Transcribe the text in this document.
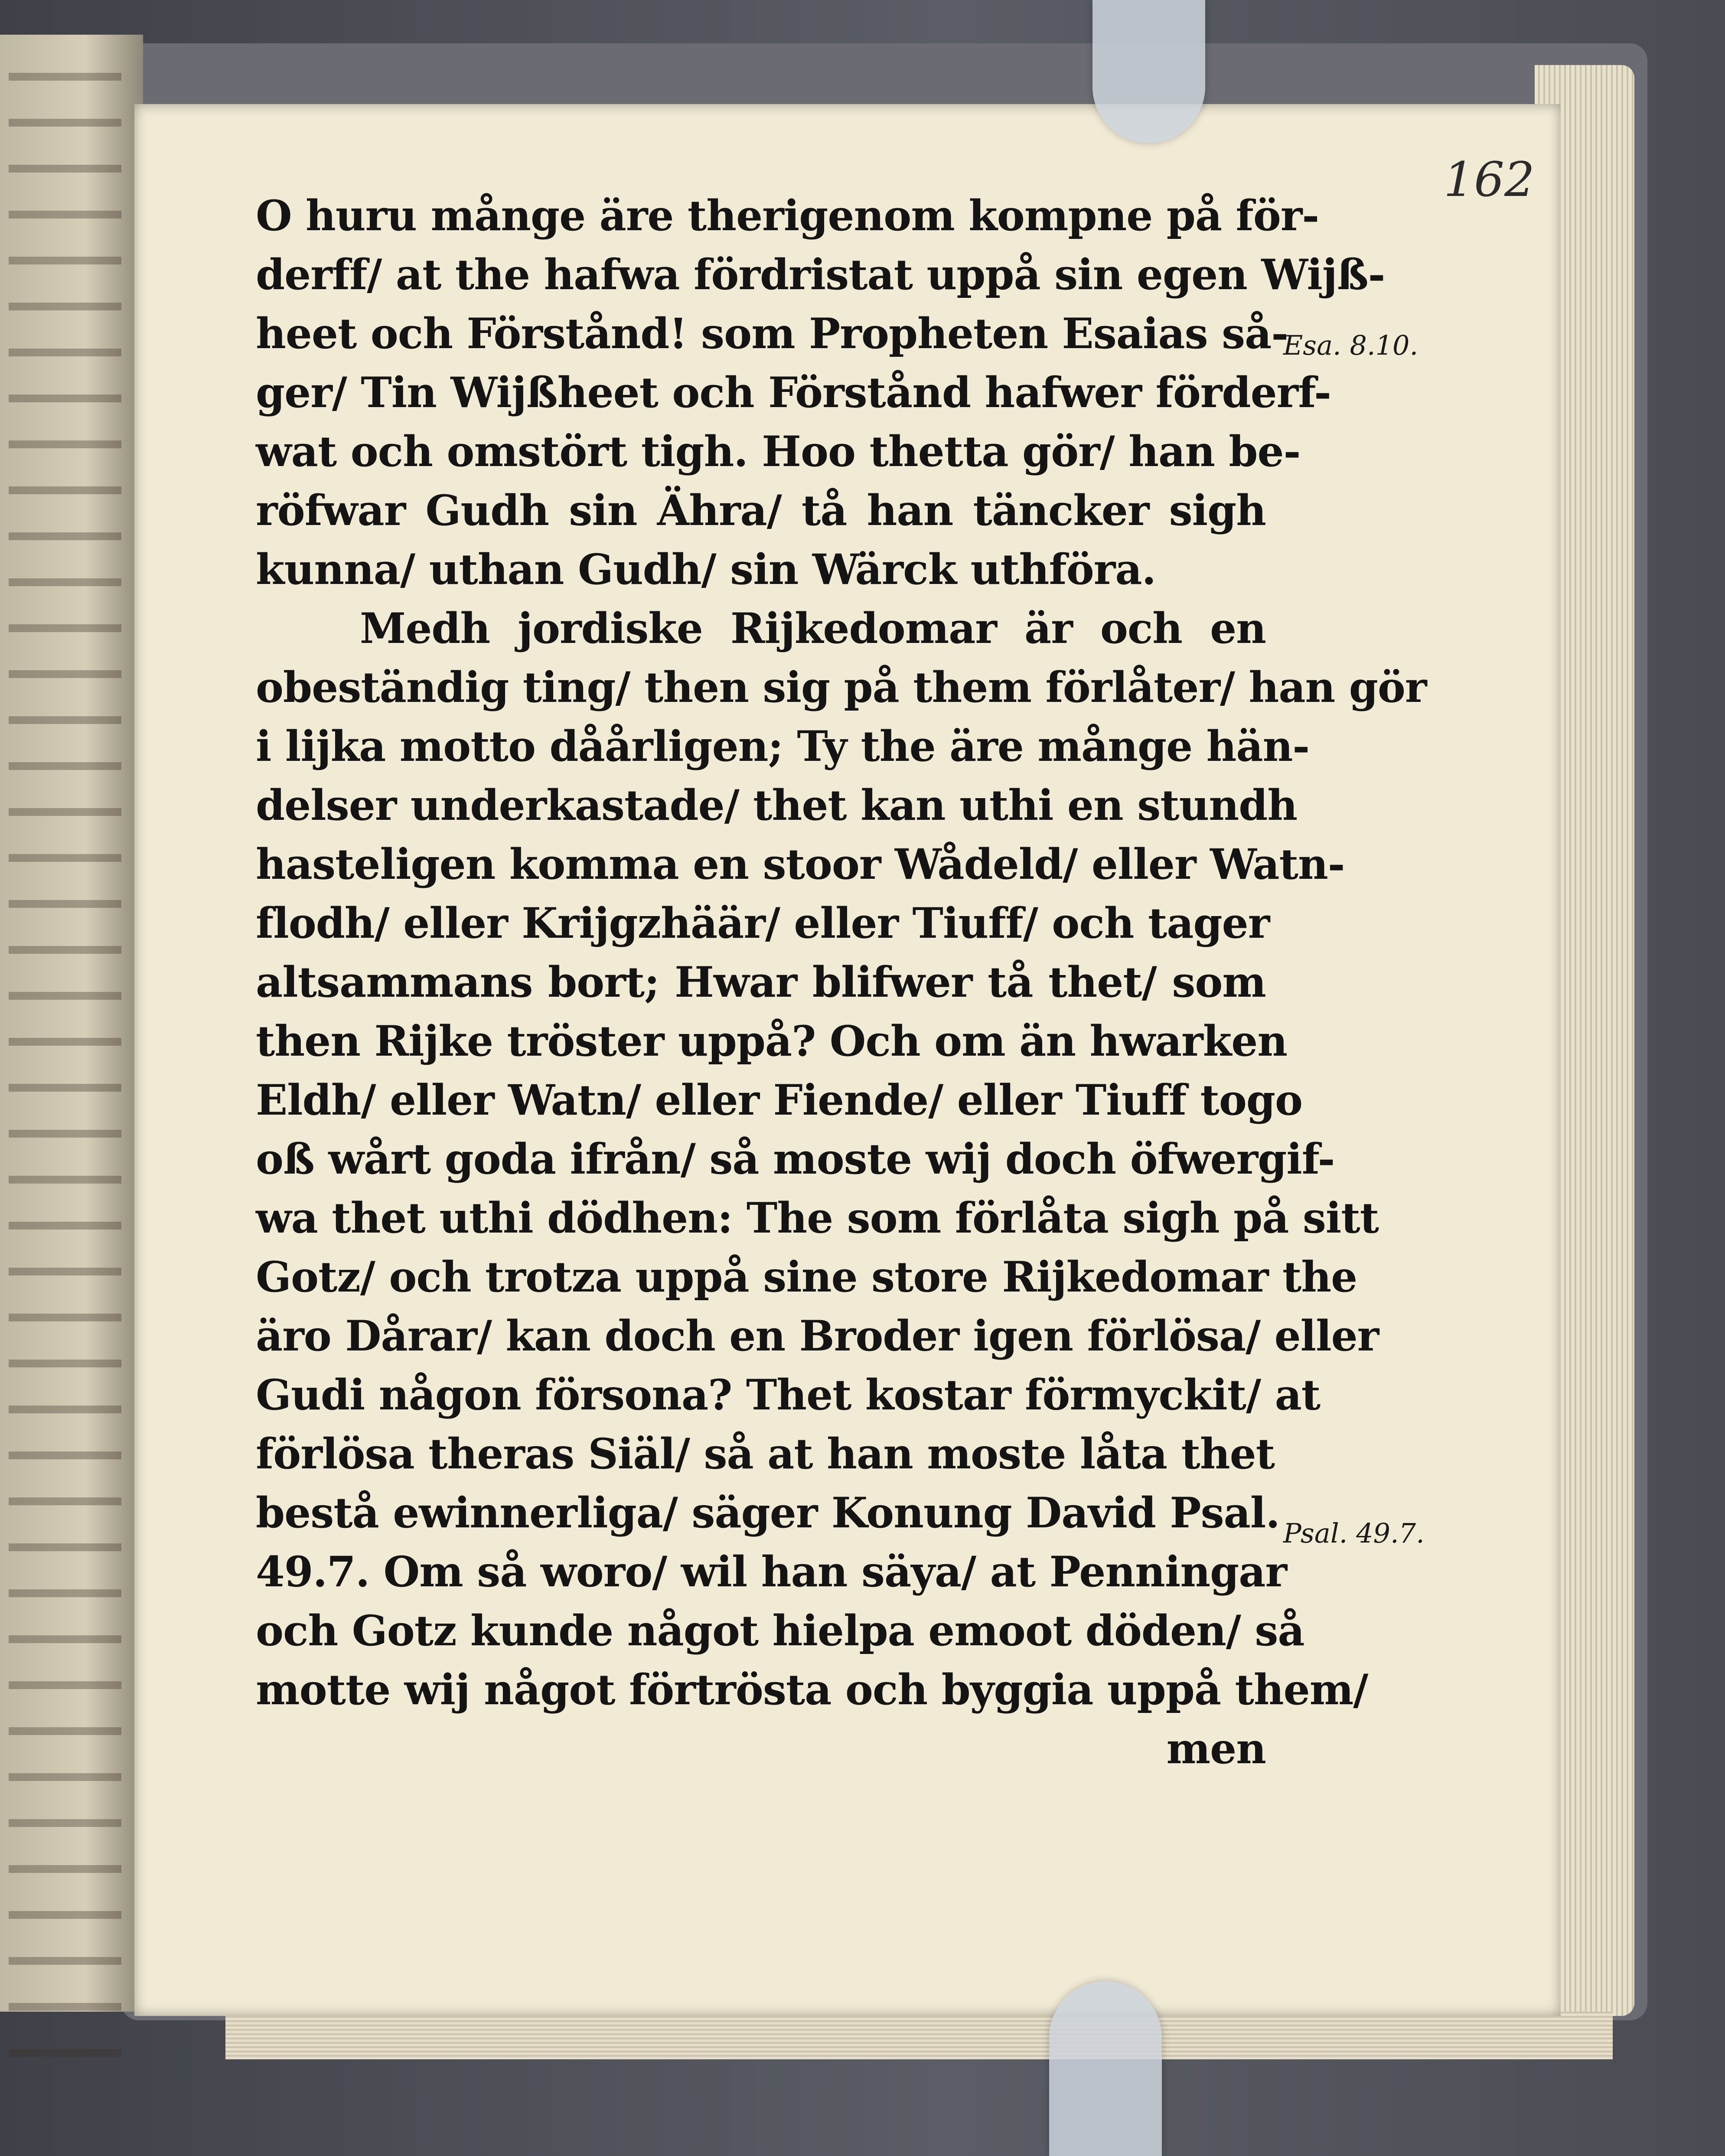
162
O huru månge äre therigenom kompne på för-
derff/ at the hafwa fördristat uppå sin egen Wijß-
heet och Förstånd! som Propheten Esaias så-
ger/ Tin Wijßheet och Förstånd hafwer förderf-
wat och omstört tigh. Hoo thetta gör/ han be-
röfwar Gudh sin Ähra/ tå han täncker sigh
kunna/ uthan Gudh/ sin Wärck uthföra.
Medh jordiske Rijkedomar är och en
obeständig ting/ then sig på them förlåter/ han gör
i lijka motto dåårligen; Ty the äre månge hän-
delser underkastade/ thet kan uthi en stundh
hasteligen komma en stoor Wådeld/ eller Watn-
flodh/ eller Krijgzhäär/ eller Tiuff/ och tager
altsammans bort; Hwar blifwer tå thet/ som
then Rijke tröster uppå? Och om än hwarken
Eldh/ eller Watn/ eller Fiende/ eller Tiuff togo
oß wårt goda ifrån/ så moste wij doch öfwergif-
wa thet uthi dödhen: The som förlåta sigh på sitt
Gotz/ och trotza uppå sine store Rijkedomar the
äro Dårar/ kan doch en Broder igen förlösa/ eller
Gudi någon försona? Thet kostar förmyckit/ at
förlösa theras Siäl/ så at han moste låta thet
bestå ewinnerliga/ säger Konung David Psal.
49.7. Om så woro/ wil han säya/ at Penningar
och Gotz kunde något hielpa emoot döden/ så
motte wij något förtrösta och byggia uppå them/
men
Esa. 8.10.
Psal. 49.7.
